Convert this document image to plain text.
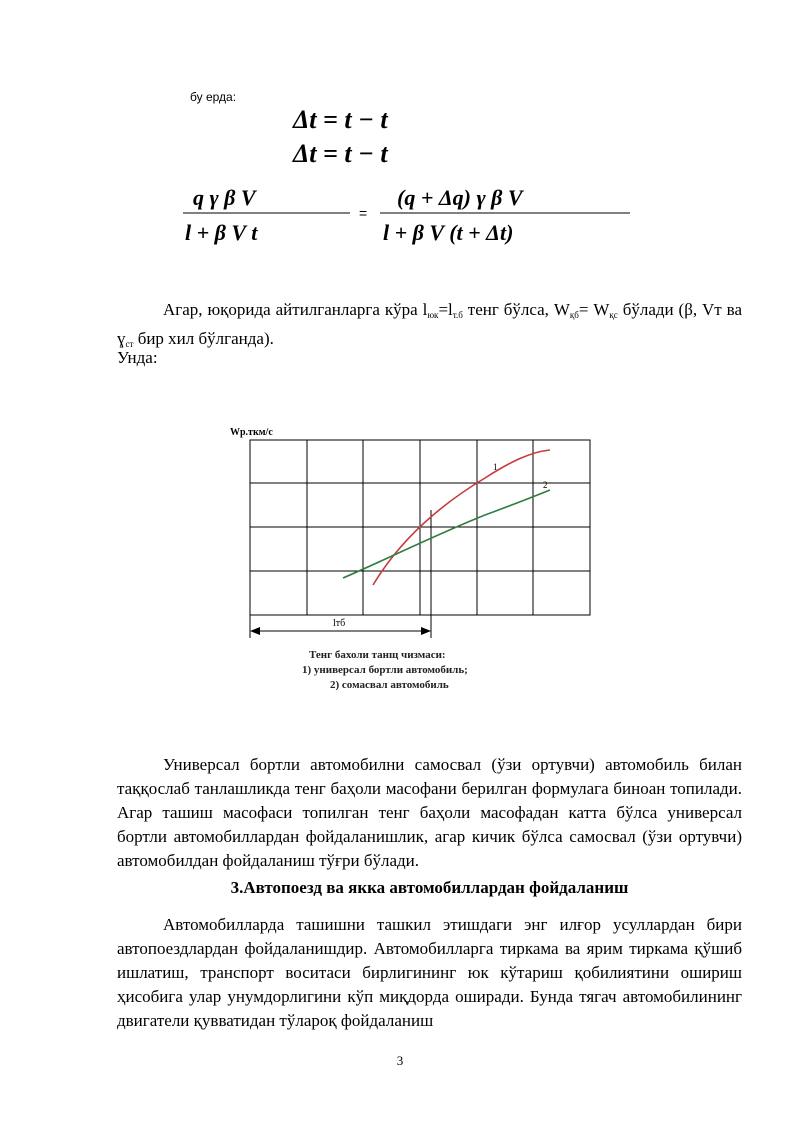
бу ерда:
Δt = t − t
Δt = t − t
q γ β V
l + β V t
(q + Δq) γ β V
l + β V (t + Δt)
=

Агар, юқорида айтилганларга кўра $l_{юк}=l_{т.б}$ тенг бўлса, $W_{қб}= W_{қс}$ бўлади (β, Vт ва ɣ$_{ст}$ бир хил бўлганда).

Унда:
Wр.ткм/с
1
2
lтб
Тенг бахоли танщ чизмаси:
1) универсал бортли автомобиль;
2) сомасвал автомобиль

Универсал бортли автомобилни самосвал (ўзи ортувчи) автомобиль билан таққослаб танлашликда тенг баҳоли масофани берилган формулага биноан топилади. Агар ташиш масофаси топилган тенг баҳоли масофадан катта бўлса универсал бортли автомобиллардан фойдаланишлик, агар кичик бўлса самосвал (ўзи ортувчи) автомобилдан фойдаланиш тўғри бўлади.

3.Автопоезд ва якка автомобиллардан фойдаланиш

Автомобилларда ташишни ташкил этишдаги энг илғор усуллардан бири автопоездлардан фойдаланишдир. Автомобилларга тиркама ва ярим тиркама қўшиб ишлатиш, транспорт воситаси бирлигининг юк кўтариш қобилиятини ошириш ҳисобига улар унумдорлигини кўп миқдорда оширади. Бунда тягач автомобилининг двигатели қувватидан тўлароқ фойдаланиш

3
